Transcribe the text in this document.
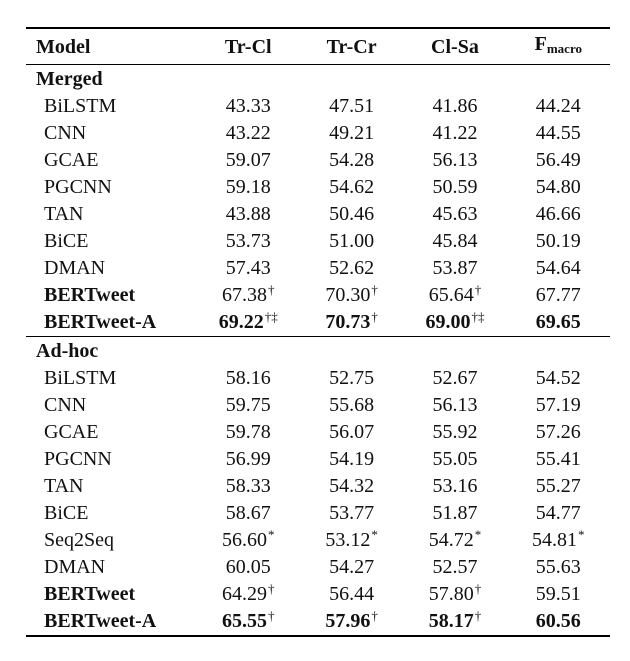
Model	Tr-Cl	Tr-Cr	Cl-Sa	$F_{macro}$
Merged				
BiLSTM	43.33	47.51	41.86	44.24
CNN	43.22	49.21	41.22	44.55
GCAE	59.07	54.28	56.13	56.49
PGCNN	59.18	54.62	50.59	54.80
TAN	43.88	50.46	45.63	46.66
BiCE	53.73	51.00	45.84	50.19
DMAN	57.43	52.62	53.87	54.64
BERTweet	67.38†	70.30†	65.64†	67.77
BERTweet-A	69.22†‡	70.73†	69.00†‡	69.65
Ad-hoc				
BiLSTM	58.16	52.75	52.67	54.52
CNN	59.75	55.68	56.13	57.19
GCAE	59.78	56.07	55.92	57.26
PGCNN	56.99	54.19	55.05	55.41
TAN	58.33	54.32	53.16	55.27
BiCE	58.67	53.77	51.87	54.77
Seq2Seq	56.60*	53.12*	54.72*	54.81*
DMAN	60.05	54.27	52.57	55.63
BERTweet	64.29†	56.44	57.80†	59.51
BERTweet-A	65.55†	57.96†	58.17†	60.56
